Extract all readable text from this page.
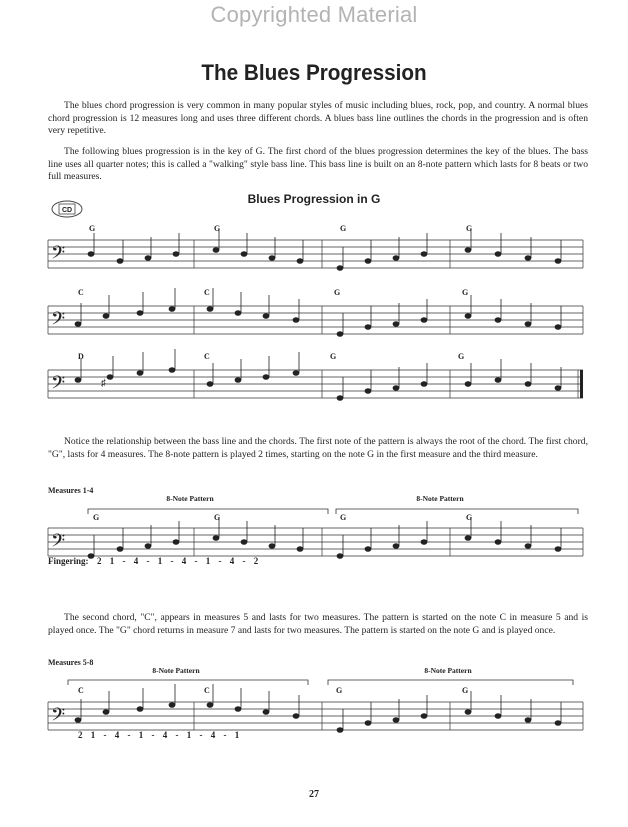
Copyrighted Material
The Blues Progression
The blues chord progression is very common in many popular styles of music including blues, rock, pop, and country. A normal blues chord progression is 12 measures long and uses three different chords. A blues bass line outlines the chords in the progression and is often very repetitive.
The following blues progression is in the key of G. The first chord of the blues progression determines the key of the blues. The bass line uses all quarter notes; this is called a "walking" style bass line. This bass line is built on an 8-note pattern which lasts for 8 beats or two full measures.
CD
Blues Progression in G
𝄢
G	G	G	G
𝄢
C	C	G	G
𝄢	♯
D	C	G	G
Notice the relationship between the bass line and the chords. The first note of the pattern is always the root of the chord. The first chord, "G", lasts for 4 measures. The 8-note pattern is played 2 times, starting on the note G in the first measure and the third measure.
Measures 1-4
8-Note Pattern	8-Note Pattern
G	G	G	G
𝄢
Fingering: 2 1 - 4 - 1 - 4 - 1 - 4 - 2
The second chord, "C", appears in measures 5 and lasts for two measures. The pattern is started on the note C in measure 5 and is played once. The "G" chord returns in measure 7 and lasts for two measures. The pattern is started on the note G and is played once.
Measures 5-8
8-Note Pattern	8-Note Pattern
C	C	G	G
𝄢
2 1 - 4 - 1 - 4 - 1 - 4 - 1
27
